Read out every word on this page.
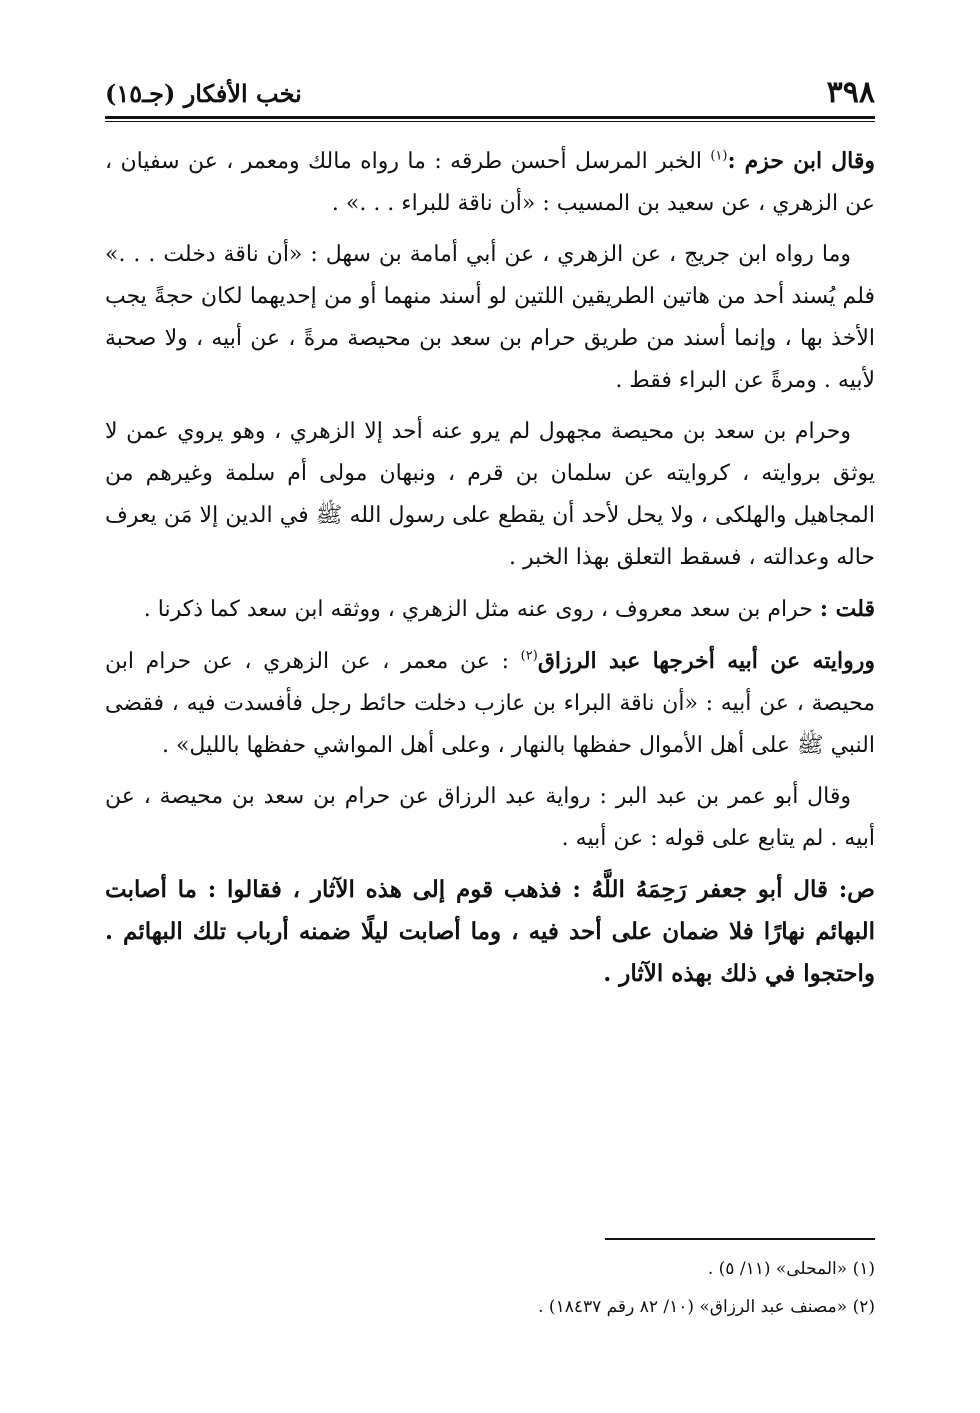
٣٩٨
نخب الأفكار (جـ١٥)

وقال ابن حزم :$^{(١)}$ الخبر المرسل أحسن طرقه : ما رواه مالك ومعمر ، عن سفيان ، عن الزهري ، عن سعيد بن المسيب : «أن ناقة للبراء . . .» .

وما رواه ابن جريج ، عن الزهري ، عن أبي أمامة بن سهل : «أن ناقة دخلت . . .» فلم يُسند أحد من هاتين الطريقين اللتين لو أسند منهما أو من إحديهما لكان حجةً يجب الأخذ بها ، وإنما أسند من طريق حرام بن سعد بن محيصة مرةً ، عن أبيه ، ولا صحبة لأبيه . ومرةً عن البراء فقط .

وحرام بن سعد بن محيصة مجهول لم يرو عنه أحد إلا الزهري ، وهو يروي عمن لا يوثق بروايته ، كروايته عن سلمان بن قرم ، ونبهان مولى أم سلمة وغيرهم من المجاهيل والهلكى ، ولا يحل لأحد أن يقطع على رسول الله ﷺ في الدين إلا مَن يعرف حاله وعدالته ، فسقط التعلق بهذا الخبر .

قلت : حرام بن سعد معروف ، روى عنه مثل الزهري ، ووثقه ابن سعد كما ذكرنا .

وروايته عن أبيه أخرجها عبد الرزاق$^{(٢)}$ : عن معمر ، عن الزهري ، عن حرام ابن محيصة ، عن أبيه : «أن ناقة البراء بن عازب دخلت حائط رجل فأفسدت فيه ، فقضى النبي ﷺ على أهل الأموال حفظها بالنهار ، وعلى أهل المواشي حفظها بالليل» .

وقال أبو عمر بن عبد البر : رواية عبد الرزاق عن حرام بن سعد بن محيصة ، عن أبيه . لم يتابع على قوله : عن أبيه .

ص: قال أبو جعفر رَحِمَهُ اللَّهُ : فذهب قوم إلى هذه الآثار ، فقالوا : ما أصابت البهائم نهارًا فلا ضمان على أحد فيه ، وما أصابت ليلًا ضمنه أرباب تلك البهائم . واحتجوا في ذلك بهذه الآثار .

(١) «المحلى» (١١/ ٥) .

(٢) «مصنف عبد الرزاق» (١٠/ ٨٢ رقم ١٨٤٣٧) .
